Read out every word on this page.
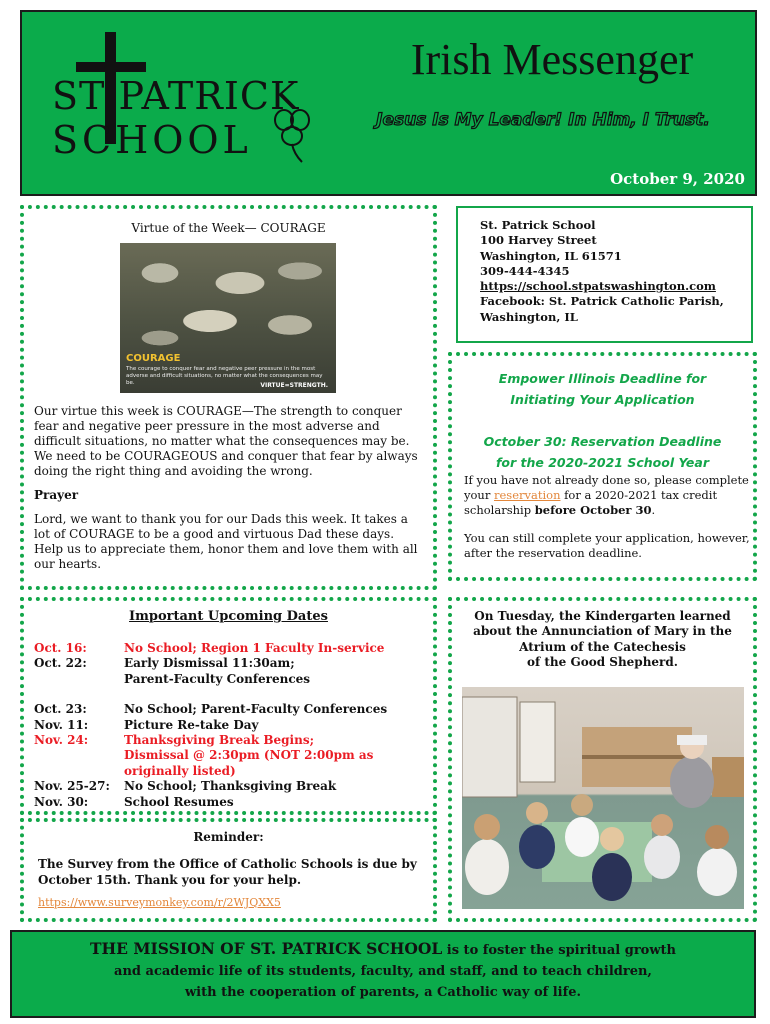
ST PATRICK
SCHOOL
Irish Messenger
Jesus Is My Leader! In Him, I Trust.
October 9, 2020
Virtue of the Week— COURAGE
COURAGE
The courage to conquer fear and negative peer pressure in the most adverse and difficult situations, no matter what the consequences may be.	VIRTUE=STRENGTH.

Our virtue this week is COURAGE—The strength to conquer fear and negative peer pressure in the most adverse and difficult situations, no matter what the consequences may be. We need to be COURAGEOUS and conquer that fear by always doing the right thing and avoiding the wrong.

Prayer

Lord, we want to thank you for our Dads this week. It takes a lot of COURAGE to be a good and virtuous Dad these days. Help us to appreciate them, honor them and love them with all our hearts.

St. Patrick School
100 Harvey Street
Washington, IL 61571
309-444-4345
https://school.stpatswashington.com
Facebook: St. Patrick Catholic Parish,
Washington, IL
Empower Illinois Deadline for
Initiating Your Application
October 30: Reservation Deadline
for the 2020-2021 School Year

If you have not already done so, please complete your reservation for a 2020-2021 tax credit scholarship before October 30.

You can still complete your application, however, after the reservation deadline.

Important Upcoming Dates
Oct. 16:	No School; Region 1 Faculty In-service
Oct. 22:	Early Dismissal 11:30am;
Parent-Faculty Conferences
Oct. 23:	No School; Parent-Faculty Conferences
Nov. 11:	Picture Re-take Day
Nov. 24:	Thanksgiving Break Begins;
Dismissal @ 2:30pm (NOT 2:00pm as
originally listed)
Nov. 25-27:	No School; Thanksgiving Break
Nov. 30:	School Resumes
On Tuesday, the Kindergarten learned
about the Annunciation of Mary in the
Atrium of the Catechesis
of the Good Shepherd.
Reminder:
The Survey from the Office of Catholic Schools is due by October 15th. Thank you for your help.
https://www.surveymonkey.com/r/2WJQXX5
THE MISSION OF ST. PATRICK SCHOOL is to foster the spiritual growth
and academic life of its students, faculty, and staff, and to teach children,
with the cooperation of parents, a Catholic way of life.
